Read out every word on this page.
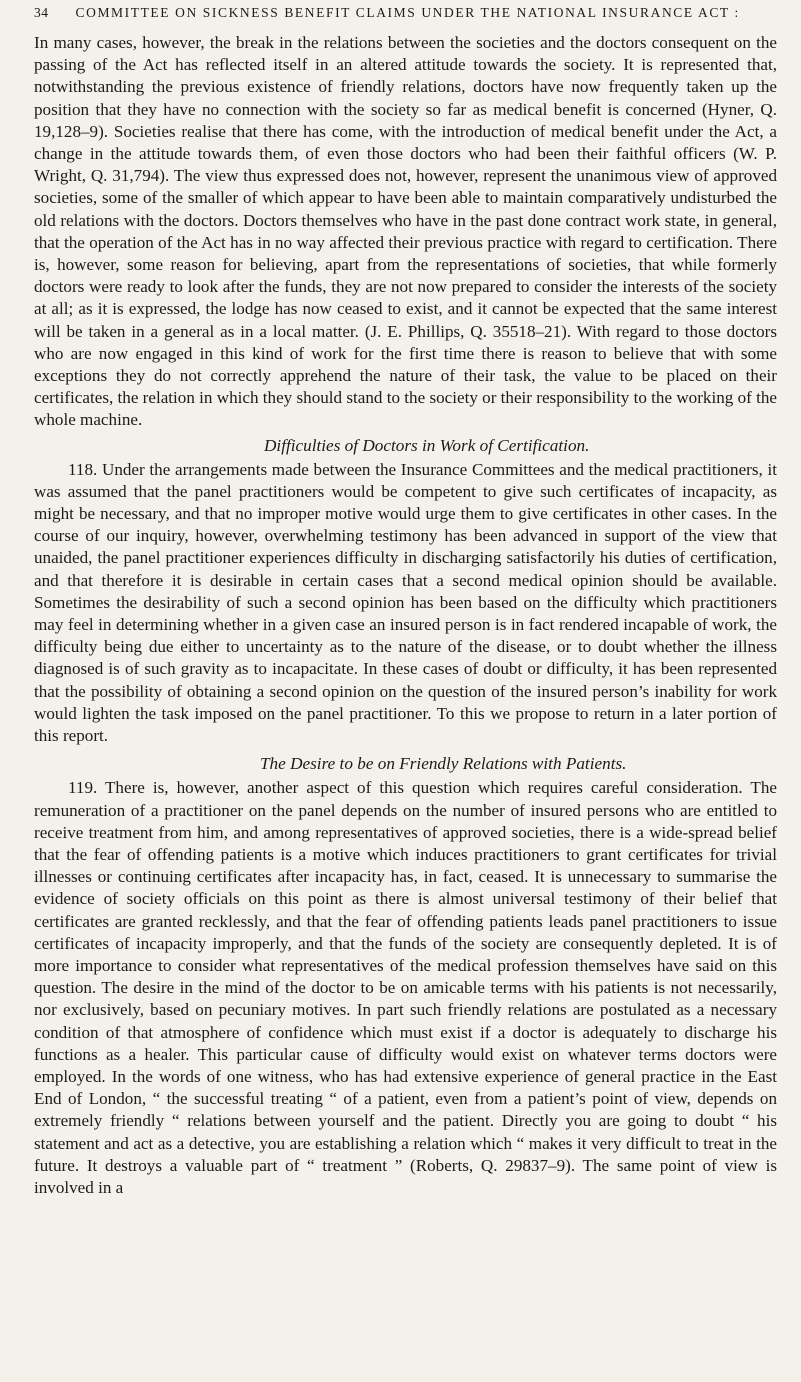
34 COMMITTEE ON SICKNESS BENEFIT CLAIMS UNDER THE NATIONAL INSURANCE ACT :

In many cases, however, the break in the relations between the societies and the doctors consequent on the passing of the Act has reflected itself in an altered attitude towards the society. It is represented that, notwithstanding the previous existence of friendly relations, doctors have now frequently taken up the position that they have no connection with the society so far as medical benefit is concerned (Hyner, Q. 19,128–9). Societies realise that there has come, with the introduction of medical benefit under the Act, a change in the attitude towards them, of even those doctors who had been their faithful officers (W. P. Wright, Q. 31,794). The view thus expressed does not, however, represent the unanimous view of approved societies, some of the smaller of which appear to have been able to maintain comparatively undisturbed the old relations with the doctors. Doctors themselves who have in the past done contract work state, in general, that the operation of the Act has in no way affected their previous practice with regard to certification. There is, however, some reason for believing, apart from the representations of societies, that while formerly doctors were ready to look after the funds, they are not now prepared to consider the interests of the society at all; as it is expressed, the lodge has now ceased to exist, and it cannot be expected that the same interest will be taken in a general as in a local matter. (J. E. Phillips, Q. 35518–21). With regard to those doctors who are now engaged in this kind of work for the first time there is reason to believe that with some exceptions they do not correctly apprehend the nature of their task, the value to be placed on their certificates, the relation in which they should stand to the society or their responsibility to the working of the whole machine.

Difficulties of Doctors in Work of Certification.

118. Under the arrangements made between the Insurance Committees and the medical practitioners, it was assumed that the panel practitioners would be competent to give such certificates of incapacity, as might be necessary, and that no improper motive would urge them to give certificates in other cases. In the course of our inquiry, however, overwhelming testimony has been advanced in support of the view that unaided, the panel practitioner experiences difficulty in discharging satisfactorily his duties of certification, and that therefore it is desirable in certain cases that a second medical opinion should be available. Sometimes the desirability of such a second opinion has been based on the difficulty which practitioners may feel in determining whether in a given case an insured person is in fact rendered incapable of work, the difficulty being due either to uncertainty as to the nature of the disease, or to doubt whether the illness diagnosed is of such gravity as to incapacitate. In these cases of doubt or difficulty, it has been represented that the possibility of obtaining a second opinion on the question of the insured person’s inability for work would lighten the task imposed on the panel practitioner. To this we propose to return in a later portion of this report.

The Desire to be on Friendly Relations with Patients.

119. There is, however, another aspect of this question which requires careful consideration. The remuneration of a practitioner on the panel depends on the number of insured persons who are entitled to receive treatment from him, and among representatives of approved societies, there is a wide-spread belief that the fear of offending patients is a motive which induces practitioners to grant certificates for trivial illnesses or continuing certificates after incapacity has, in fact, ceased. It is unnecessary to summarise the evidence of society officials on this point as there is almost universal testimony of their belief that certificates are granted recklessly, and that the fear of offending patients leads panel practitioners to issue certificates of incapacity improperly, and that the funds of the society are consequently depleted. It is of more importance to consider what representatives of the medical profession themselves have said on this question. The desire in the mind of the doctor to be on amicable terms with his patients is not necessarily, nor exclusively, based on pecuniary motives. In part such friendly relations are postulated as a necessary condition of that atmosphere of confidence which must exist if a doctor is adequately to discharge his functions as a healer. This particular cause of difficulty would exist on whatever terms doctors were employed. In the words of one witness, who has had extensive experience of general practice in the East End of London, “ the successful treating “ of a patient, even from a patient’s point of view, depends on extremely friendly “ relations between yourself and the patient. Directly you are going to doubt “ his statement and act as a detective, you are establishing a relation which “ makes it very difficult to treat in the future. It destroys a valuable part of “ treatment ” (Roberts, Q. 29837–9). The same point of view is involved in a
